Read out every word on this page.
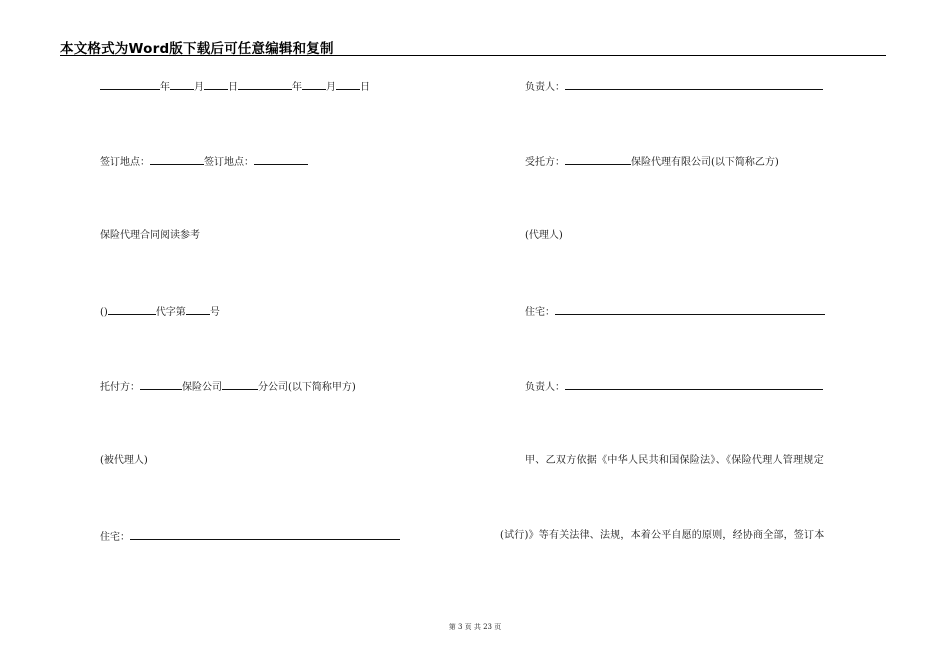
本文格式为Word版下载后可任意编辑和复制
年 月 日	年 月 日
签订地点：	签订地点：
保险代理合同阅读参考
()	代字第 号
托付方：	保险公司	分公司(以下简称甲方)
(被代理人)
住宅：
负责人：
受托方：	保险代理有限公司(以下简称乙方)
(代理人)
住宅：
负责人：
甲、乙双方依据《中华人民共和国保险法》、《保险代理人管理规定
(试行)》等有关法律、法规，本着公平自愿的原则，经协商全部，签订本
第 3 页 共 23 页
